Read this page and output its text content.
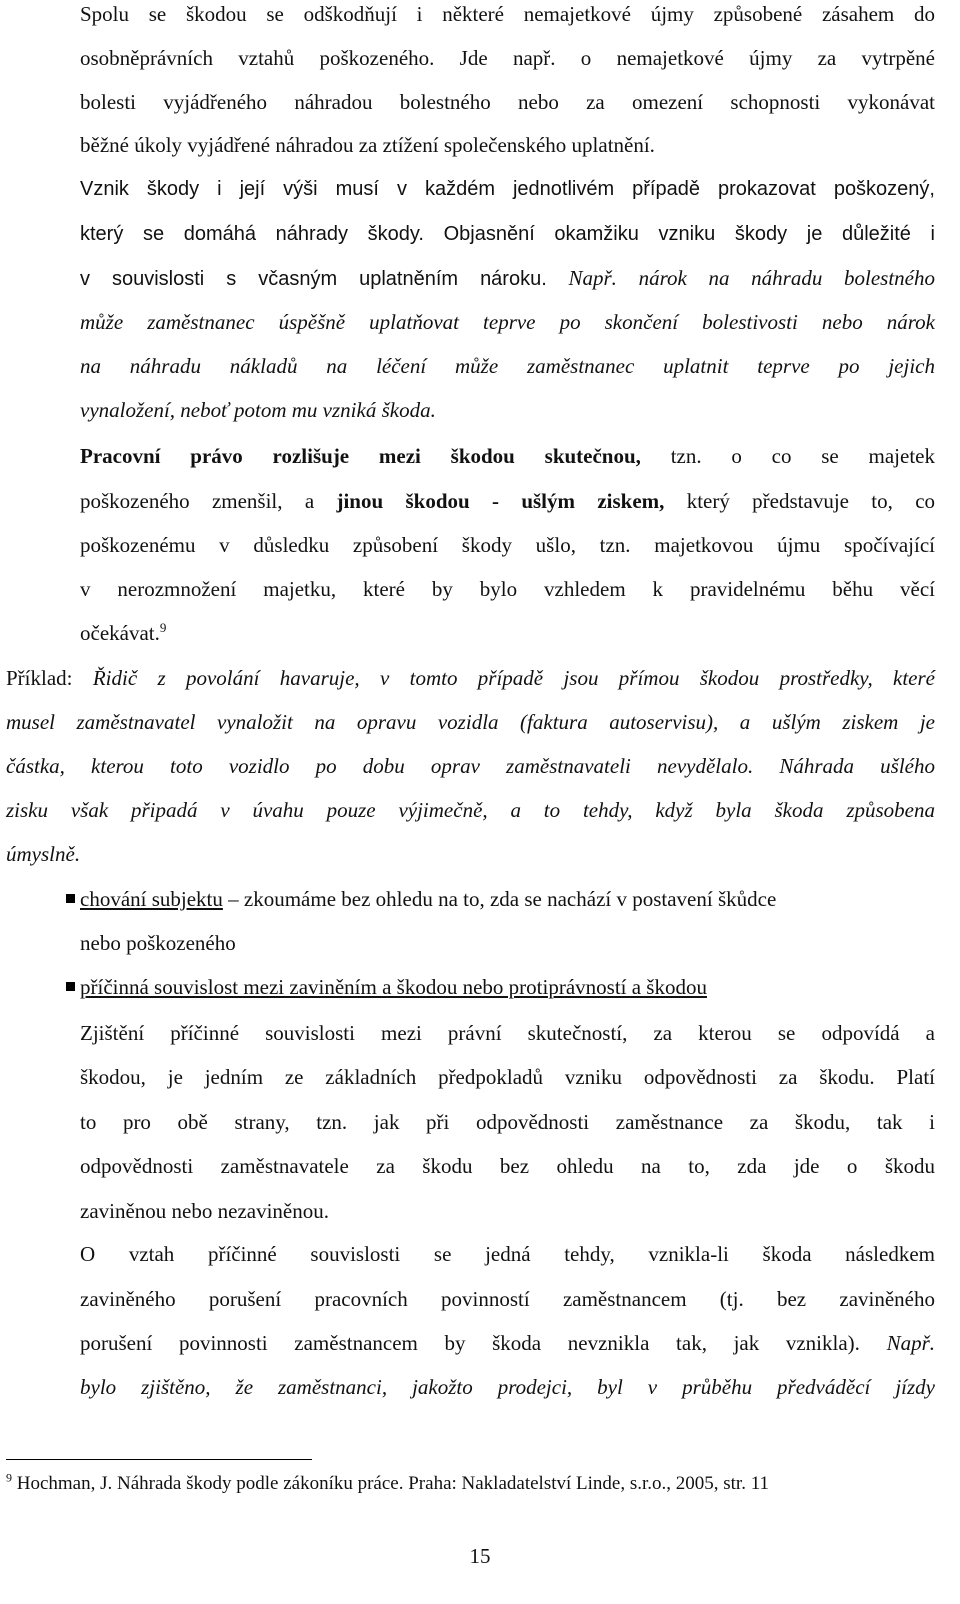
Spolu se škodou se odškodňují i některé nemajetkové újmy způsobené zásahem do
osobněprávních vztahů poškozeného. Jde např. o nemajetkové újmy za vytrpěné
bolesti vyjádřeného náhradou bolestného nebo za omezení schopnosti vykonávat
běžné úkoly vyjádřené náhradou za ztížení společenského uplatnění.
Vznik škody i její výši musí v každém jednotlivém případě prokazovat poškozený,
který se domáhá náhrady škody. Objasnění okamžiku vzniku škody je důležité i
v souvislosti s včasným uplatněním nároku. Např. nárok na náhradu bolestného
může zaměstnanec úspěšně uplatňovat teprve po skončení bolestivosti nebo nárok
na náhradu nákladů na léčení může zaměstnanec uplatnit teprve po jejich
vynaložení, neboť potom mu vzniká škoda.
Pracovní právo rozlišuje mezi škodou skutečnou, tzn. o co se majetek
poškozeného zmenšil, a jinou škodou - ušlým ziskem, který představuje to, co
poškozenému v důsledku způsobení škody ušlo, tzn. majetkovou újmu spočívající
v nerozmnožení majetku, které by bylo vzhledem k pravidelnému běhu věcí
očekávat.$^9$
Příklad: Řidič z povolání havaruje, v tomto případě jsou přímou škodou prostředky, které
musel zaměstnavatel vynaložit na opravu vozidla (faktura autoservisu), a ušlým ziskem je
částka, kterou toto vozidlo po dobu oprav zaměstnavateli nevydělalo. Náhrada ušlého
zisku však připadá v úvahu pouze výjimečně, a to tehdy, když byla škoda způsobena
úmyslně.
chování subjektu – zkoumáme bez ohledu na to, zda se nachází v postavení škůdce
nebo poškozeného
příčinná souvislost mezi zaviněním a škodou nebo protiprávností a škodou
Zjištění příčinné souvislosti mezi právní skutečností, za kterou se odpovídá a
škodou, je jedním ze základních předpokladů vzniku odpovědnosti za škodu. Platí
to pro obě strany, tzn. jak při odpovědnosti zaměstnance za škodu, tak i
odpovědnosti zaměstnavatele za škodu bez ohledu na to, zda jde o škodu
zaviněnou nebo nezaviněnou.
O vztah příčinné souvislosti se jedná tehdy, vznikla-li škoda následkem
zaviněného porušení pracovních povinností zaměstnancem (tj. bez zaviněného
porušení povinnosti zaměstnancem by škoda nevznikla tak, jak vznikla). Např.
bylo zjištěno, že zaměstnanci, jakožto prodejci, byl v průběhu předváděcí jízdy
$^9$ Hochman, J. Náhrada škody podle zákoníku práce. Praha: Nakladatelství Linde, s.r.o., 2005, str. 11
15
